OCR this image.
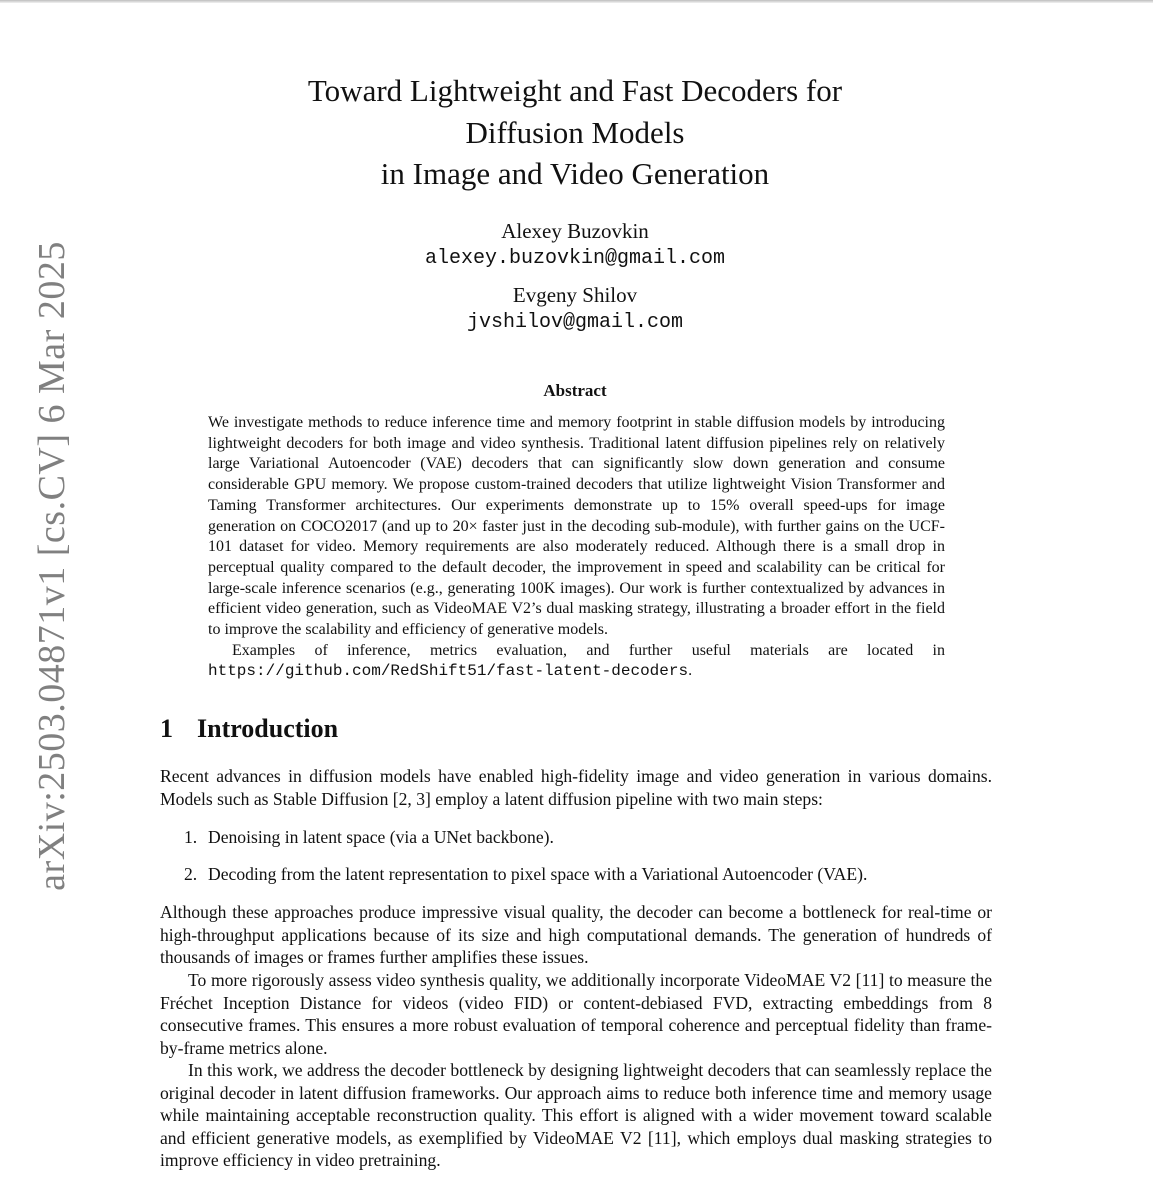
arXiv:2503.04871v1 [cs.CV] 6 Mar 2025
Toward Lightweight and Fast Decoders for
Diffusion Models
in Image and Video Generation
Alexey Buzovkin
alexey.buzovkin@gmail.com
Evgeny Shilov
jvshilov@gmail.com
Abstract

We investigate methods to reduce inference time and memory footprint in stable diffusion models by introducing lightweight decoders for both image and video synthesis. Traditional latent diffusion pipelines rely on relatively large Variational Autoencoder (VAE) decoders that can significantly slow down generation and consume considerable GPU memory. We propose custom-trained decoders that utilize lightweight Vision Transformer and Taming Transformer architectures. Our experiments demonstrate up to 15% overall speed-ups for image generation on COCO2017 (and up to 20× faster just in the decoding sub-module), with further gains on the UCF-101 dataset for video. Memory requirements are also moderately reduced. Although there is a small drop in perceptual quality compared to the default decoder, the improvement in speed and scalability can be critical for large-scale inference scenarios (e.g., generating 100K images). Our work is further contextualized by advances in efficient video generation, such as VideoMAE V2’s dual masking strategy, illustrating a broader effort in the field to improve the scalability and efficiency of generative models.

Examples of inference, metrics evaluation, and further useful materials are located in https://github.com/RedShift51/fast-latent-decoders.

1 Introduction

Recent advances in diffusion models have enabled high-fidelity image and video generation in various domains. Models such as Stable Diffusion [2, 3] employ a latent diffusion pipeline with two main steps:

1. Denoising in latent space (via a UNet backbone).
2. Decoding from the latent representation to pixel space with a Variational Autoencoder (VAE).

Although these approaches produce impressive visual quality, the decoder can become a bottleneck for real-time or high-throughput applications because of its size and high computational demands. The generation of hundreds of thousands of images or frames further amplifies these issues.

To more rigorously assess video synthesis quality, we additionally incorporate VideoMAE V2 [11] to measure the Fréchet Inception Distance for videos (video FID) or content-debiased FVD, extracting embeddings from 8 consecutive frames. This ensures a more robust evaluation of temporal coherence and perceptual fidelity than frame-by-frame metrics alone.

In this work, we address the decoder bottleneck by designing lightweight decoders that can seamlessly replace the original decoder in latent diffusion frameworks. Our approach aims to reduce both inference time and memory usage while maintaining acceptable reconstruction quality. This effort is aligned with a wider movement toward scalable and efficient generative models, as exemplified by VideoMAE V2 [11], which employs dual masking strategies to improve efficiency in video pretraining.
